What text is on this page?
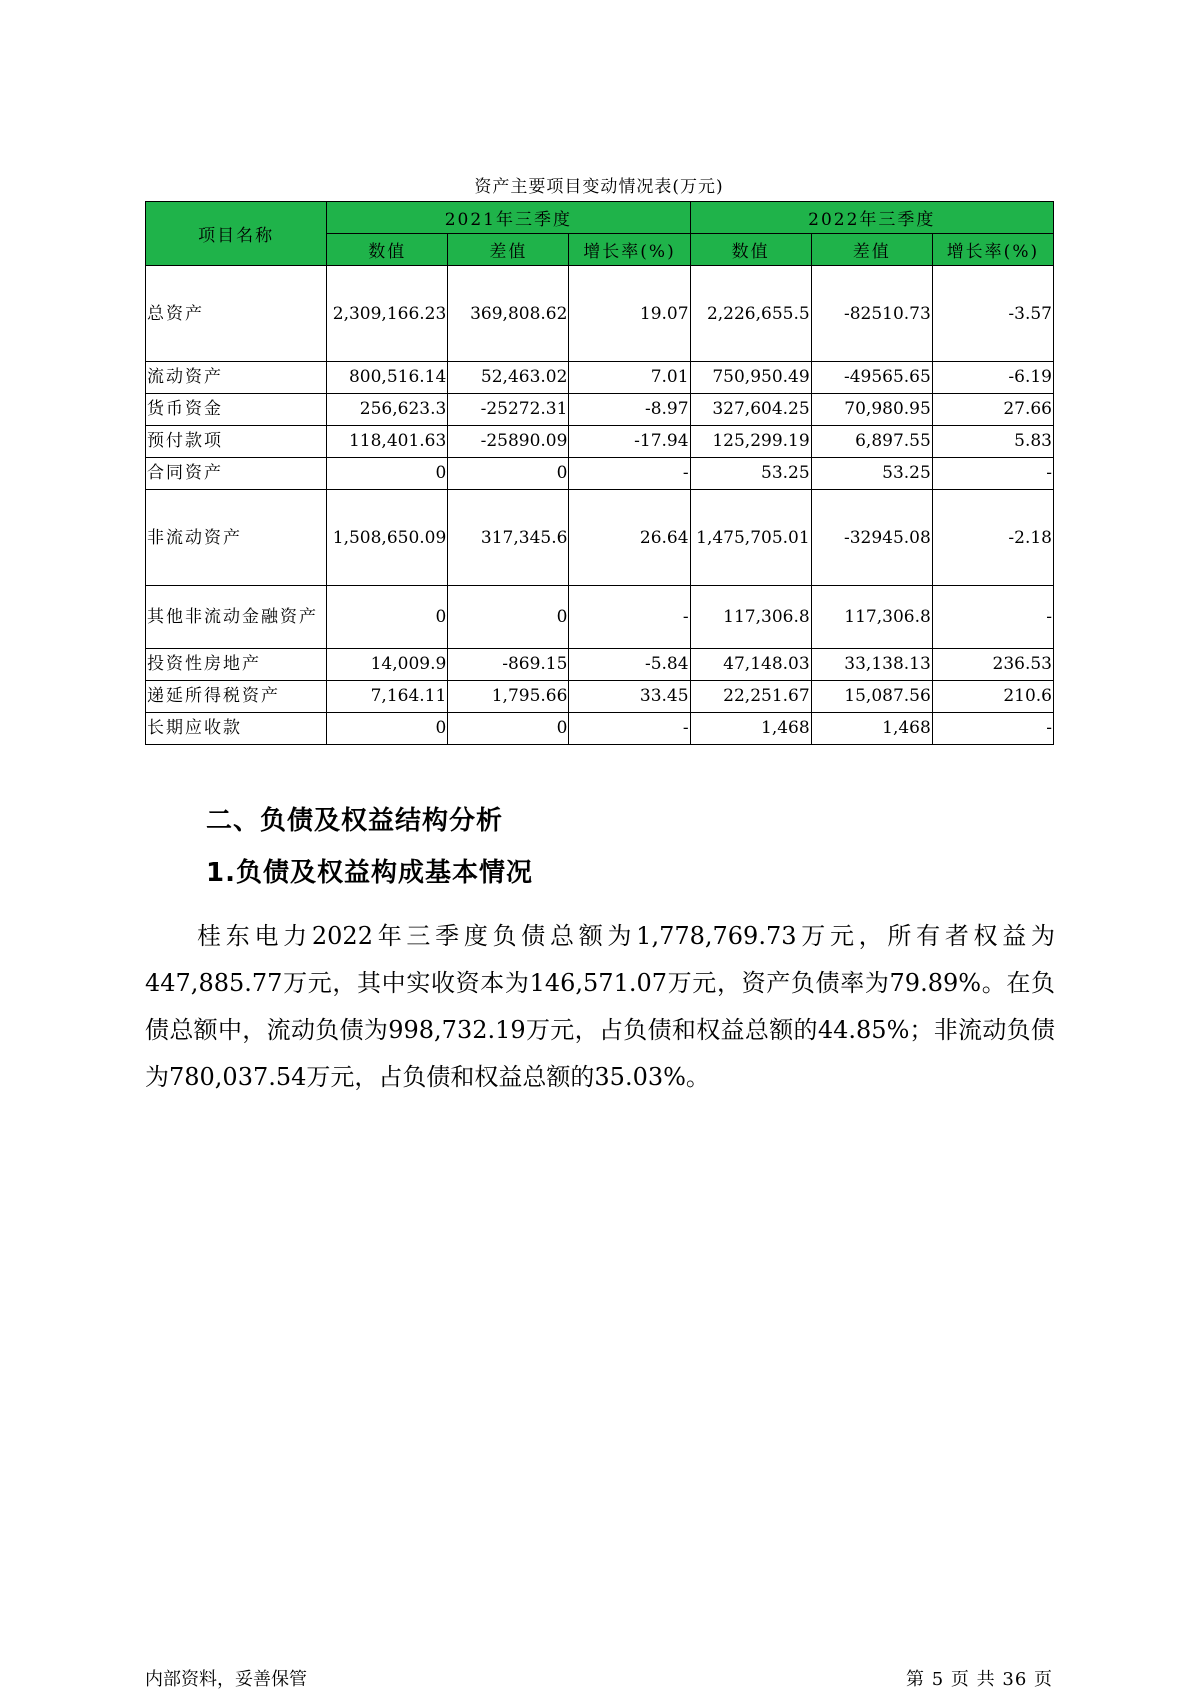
资产主要项目变动情况表(万元)
项目名称	2021年三季度			2022年三季度		
	数值	差值	增长率(%)	数值	差值	增长率(%)
总资产	2,309,166.23	369,808.62	19.07	2,226,655.5	-82510.73	-3.57
流动资产	800,516.14	52,463.02	7.01	750,950.49	-49565.65	-6.19
货币资金	256,623.3	-25272.31	-8.97	327,604.25	70,980.95	27.66
预付款项	118,401.63	-25890.09	-17.94	125,299.19	6,897.55	5.83
合同资产	0	0	-	53.25	53.25	-
非流动资产	1,508,650.09	317,345.6	26.64	1,475,705.01	-32945.08	-2.18
其他非流动金融资产	0	0	-	117,306.8	117,306.8	-
投资性房地产	14,009.9	-869.15	-5.84	47,148.03	33,138.13	236.53
递延所得税资产	7,164.11	1,795.66	33.45	22,251.67	15,087.56	210.6
长期应收款	0	0	-	1,468	1,468	-
二、负债及权益结构分析
1.负债及权益构成基本情况

桂东电力2022年三季度负债总额为1,778,769.73万元，所有者权益为447,885.77万元，其中实收资本为146,571.07万元，资产负债率为79.89%。在负债总额中，流动负债为998,732.19万元，占负债和权益总额的44.85%；非流动负债为780,037.54万元，占负债和权益总额的35.03%。

内部资料，妥善保管	第 5 页 共 36 页
